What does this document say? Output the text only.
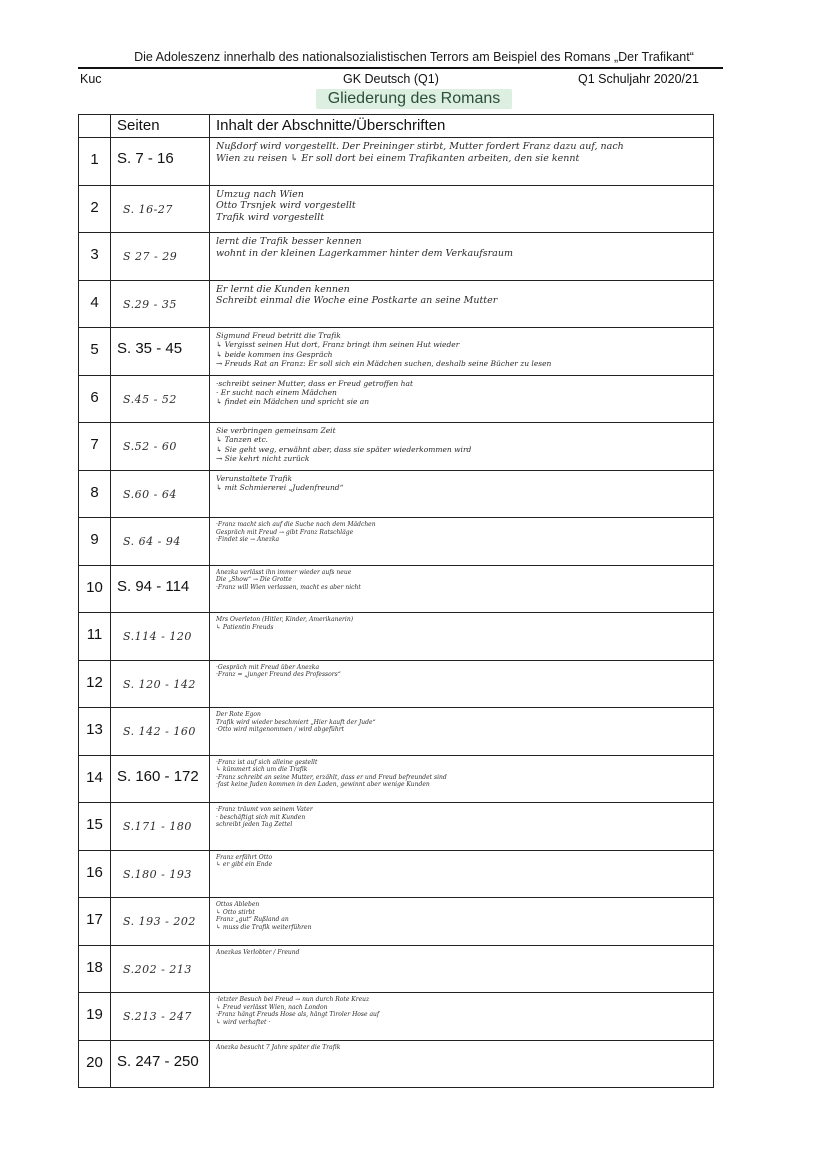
Die Adoleszenz innerhalb des nationalsozialistischen Terrors am Beispiel des Romans „Der Trafikant“
Kuc	GK Deutsch (Q1)	Q1 Schuljahr 2020/21
Gliederung des Romans
	Seiten	Inhalt der Abschnitte/Überschriften
1	S. 7 - 16	Nußdorf wird vorgestellt. Der Preininger stirbt, Mutter fordert Franz dazu auf, nach
Wien zu reisen ↳ Er soll dort bei einem Trafikanten arbeiten, den sie kennt

2	S. 16-27	Umzug nach Wien
Otto Trsnjek wird vorgestellt
Trafik wird vorgestellt

3	S 27 - 29	lernt die Trafik besser kennen
wohnt in der kleinen Lagerkammer hinter dem Verkaufsraum

4	S.29 - 35	Er lernt die Kunden kennen
Schreibt einmal die Woche eine Postkarte an seine Mutter

5	S. 35 - 45	Sigmund Freud betritt die Trafik
↳ Vergisst seinen Hut dort, Franz bringt ihm seinen Hut wieder
↳ beide kommen ins Gespräch
→ Freuds Rat an Franz: Er soll sich ein Mädchen suchen, deshalb seine Bücher zu lesen

6	S.45 - 52	·schreibt seiner Mutter, dass er Freud getroffen hat
· Er sucht nach einem Mädchen
↳ findet ein Mädchen und spricht sie an

7	S.52 - 60	Sie verbringen gemeinsam Zeit
↳ Tanzen etc.
↳ Sie geht weg, erwähnt aber, dass sie später wiederkommen wird
→ Sie kehrt nicht zurück

8	S.60 - 64	Verunstaltete Trafik
↳ mit Schmiererei „Judenfreund“

9	S. 64 - 94	·Franz macht sich auf die Suche nach dem Mädchen
Gespräch mit Freud → gibt Franz Ratschläge
·Findet sie → Anezka

10	S. 94 - 114	Anezka verlässt ihn immer wieder aufs neue
Die „Show“ → Die Grotte
·Franz will Wien verlassen, macht es aber nicht

11	S.114 - 120	Mrs Overleton (Hitler, Kinder, Amerikanerin)
↳ Patientin Freuds

12	S. 120 - 142	·Gespräch mit Freud über Anezka
·Franz = „junger Freund des Professors“

13	S. 142 - 160	Der Rote Egon
Trafik wird wieder beschmiert „Hier kauft der Jude“
·Otto wird mitgenommen / wird abgeführt

14	S. 160 - 172	·Franz ist auf sich alleine gestellt
↳ kümmert sich um die Trafik
·Franz schreibt an seine Mutter, erzählt, dass er und Freud befreundet sind
·fast keine Juden kommen in den Laden, gewinnt aber wenige Kunden

15	S.171 - 180	·Franz träumt von seinem Vater
· beschäftigt sich mit Kunden
schreibt jeden Tag Zettel

16	S.180 - 193	Franz erfährt Otto
↳ er gibt ein Ende

17	S. 193 - 202	Ottos Ableben
↳ Otto stirbt
Franz „gut“ Rußland an
↳ muss die Trafik weiterführen

18	S.202 - 213	Anezkas Verlobter / Freund

19	S.213 - 247	·letzter Besuch bei Freud → nun durch Rote Kreuz
↳ Freud verlässt Wien, nach London
·Franz hängt Freuds Hose als, hängt Tiroler Hose auf
↳ wird verhaftet ·

20	S. 247 - 250	Anezka besucht 7 Jahre später die Trafik
